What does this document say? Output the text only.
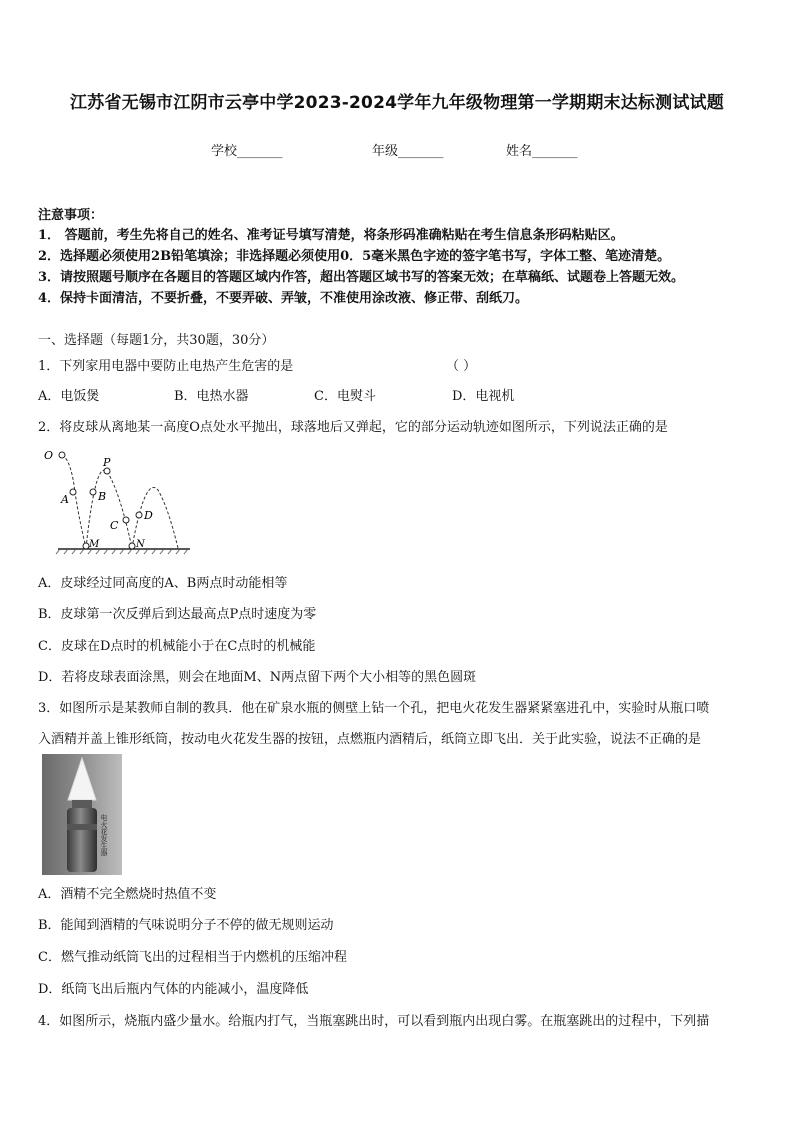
江苏省无锡市江阴市云亭中学2023-2024学年九年级物理第一学期期末达标测试试题
学校_______	年级_______	姓名_______
注意事项：
1． 答题前，考生先将自己的姓名、准考证号填写清楚，将条形码准确粘贴在考生信息条形码粘贴区。
2．选择题必须使用2B铅笔填涂；非选择题必须使用0．5毫米黑色字迹的签字笔书写，字体工整、笔迹清楚。
3．请按照题号顺序在各题目的答题区域内作答，超出答题区域书写的答案无效；在草稿纸、试题卷上答题无效。
4．保持卡面清洁，不要折叠，不要弄破、弄皱，不准使用涂改液、修正带、刮纸刀。
一、选择题（每题1分，共30题，30分）
1．下列家用电器中要防止电热产生危害的是	（ ）
A．电饭煲	B．电热水器	C．电熨斗	D．电视机
2．将皮球从离地某一高度O点处水平抛出，球落地后又弹起，它的部分运动轨迹如图所示，下列说法正确的是
O
P
A	B
C
D
M	N
A．皮球经过同高度的A、B两点时动能相等
B．皮球第一次反弹后到达最高点P点时速度为零
C．皮球在D点时的机械能小于在C点时的机械能
D．若将皮球表面涂黑，则会在地面M、N两点留下两个大小相等的黑色圆斑
3．如图所示是某教师自制的教具．他在矿泉水瓶的侧壁上钻一个孔，把电火花发生器紧紧塞进孔中，实验时从瓶口喷
入酒精并盖上锥形纸筒，按动电火花发生器的按钮，点燃瓶内酒精后，纸筒立即飞出．关于此实验，说法不正确的是
电火花发生器
A．酒精不完全燃烧时热值不变
B．能闻到酒精的气味说明分子不停的做无规则运动
C．燃气推动纸筒飞出的过程相当于内燃机的压缩冲程
D．纸筒飞出后瓶内气体的内能减小，温度降低
4．如图所示，烧瓶内盛少量水。给瓶内打气，当瓶塞跳出时，可以看到瓶内出现白雾。在瓶塞跳出的过程中，下列描
